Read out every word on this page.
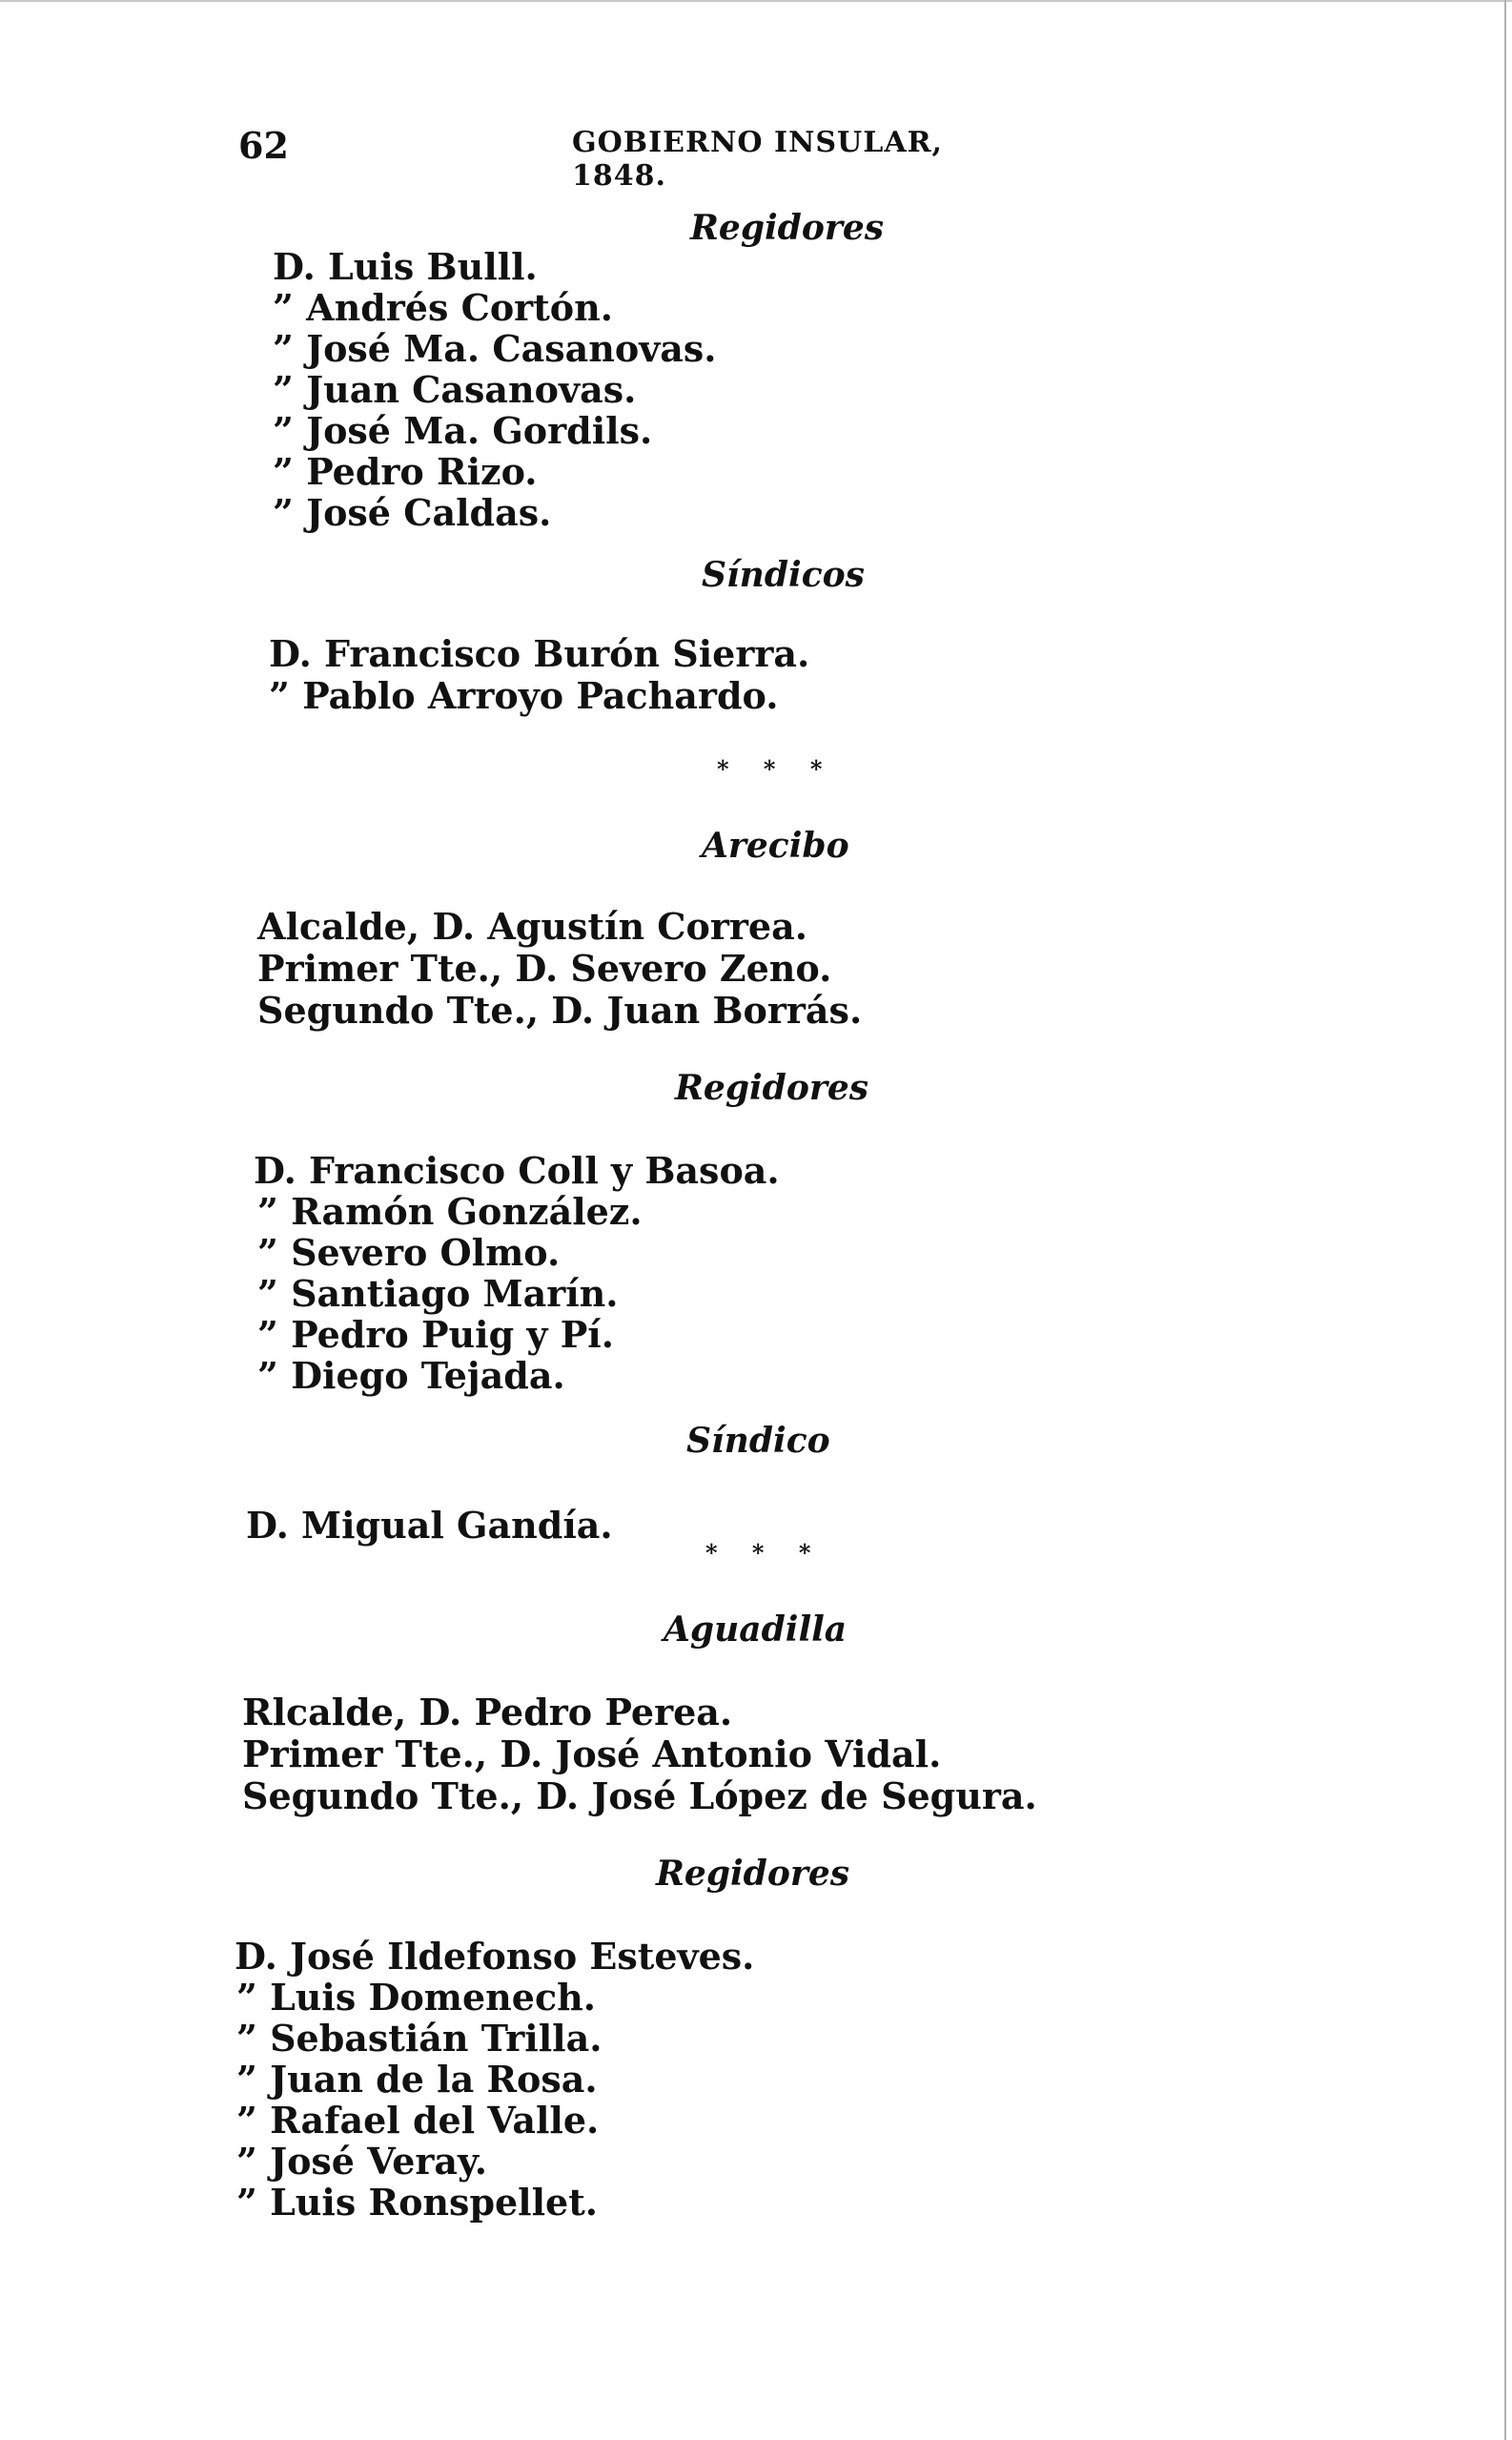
62	GOBIERNO INSULAR, 1848.
Regidores
D. Luis Bulll.
” Andrés Cortón.
” José Ma. Casanovas.
” Juan Casanovas.
” José Ma. Gordils.
” Pedro Rizo.
” José Caldas.
Síndicos
D. Francisco Burón Sierra.
” Pablo Arroyo Pachardo.
* * *
Arecibo
Alcalde, D. Agustín Correa.
Primer Tte., D. Severo Zeno.
Segundo Tte., D. Juan Borrás.
Regidores
D. Francisco Coll y Basoa.
” Ramón González.
” Severo Olmo.
” Santiago Marín.
” Pedro Puig y Pí.
” Diego Tejada.
Síndico
D. Migual Gandía.
* * *
Aguadilla
Rlcalde, D. Pedro Perea.
Primer Tte., D. José Antonio Vidal.
Segundo Tte., D. José López de Segura.
Regidores
D. José Ildefonso Esteves.
” Luis Domenech.
” Sebastián Trilla.
” Juan de la Rosa.
” Rafael del Valle.
” José Veray.
” Luis Ronspellet.
